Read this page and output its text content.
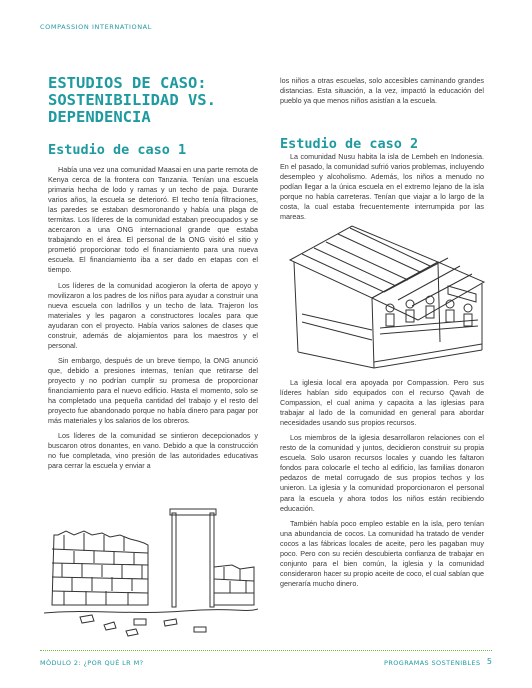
COMPASSION INTERNATIONAL
ESTUDIOS DE CASO: SOSTENIBILIDAD VS. DEPENDENCIA
Estudio de caso 1

Había una vez una comunidad Maasai en una parte remota de Kenya cerca de la frontera con Tanzania. Tenían una escuela primaria hecha de lodo y ramas y un techo de paja. Durante varios años, la escuela se deterioró. El techo tenía filtraciones, las paredes se estaban desmoronando y había una plaga de termitas. Los líderes de la comunidad estaban preocupados y se acercaron a una ONG internacional grande que estaba trabajando en el área. El personal de la ONG visitó el sitio y prometió proporcionar todo el financiamiento para una nueva escuela. El financiamiento iba a ser dado en etapas con el tiempo.

Los líderes de la comunidad acogieron la oferta de apoyo y movilizaron a los padres de los niños para ayudar a construir una nueva escuela con ladrillos y un techo de lata. Trajeron los materiales y les pagaron a constructores locales para que ayudaran con el proyecto. Había varios salones de clases que construir, además de alojamientos para los maestros y el personal.

Sin embargo, después de un breve tiempo, la ONG anunció que, debido a presiones internas, tenían que retirarse del proyecto y no podrían cumplir su promesa de proporcionar financiamiento para el nuevo edificio. Hasta el momento, solo se ha completado una pequeña cantidad del trabajo y el resto del proyecto fue abandonado porque no había dinero para pagar por más materiales y los salarios de los obreros.

Los líderes de la comunidad se sintieron decepcionados y buscaron otros donantes, en vano. Debido a que la construcción no fue completada, vino presión de las autoridades educativas para cerrar la escuela y enviar a

los niños a otras escuelas, solo accesibles caminando grandes distancias. Esta situación, a la vez, impactó la educación del pueblo ya que menos niños asistían a la escuela.

Estudio de caso 2

La comunidad Nusu habita la isla de Lembeh en Indonesia. En el pasado, la comunidad sufrió varios problemas, incluyendo desempleo y alcoholismo. Además, los niños a menudo no podían llegar a la única escuela en el extremo lejano de la isla porque no había carreteras. Tenían que viajar a lo largo de la costa, la cual estaba frecuentemente interrumpida por las mareas.

La iglesia local era apoyada por Compassion. Pero sus líderes habían sido equipados con el recurso Qavah de Compassion, el cual anima y capacita a las iglesias para trabajar al lado de la comunidad en general para abordar necesidades usando sus propios recursos.

Los miembros de la iglesia desarrollaron relaciones con el resto de la comunidad y juntos, decidieron construir su propia escuela. Solo usaron recursos locales y cuando les faltaron fondos para colocarle el techo al edificio, las familias donaron pedazos de metal corrugado de sus propios techos y los unieron. La iglesia y la comunidad proporcionaron el personal para la escuela y ahora todos los niños están recibiendo educación.

También había poco empleo estable en la isla, pero tenían una abundancia de cocos. La comunidad ha tratado de vender cocos a las fábricas locales de aceite, pero les pagaban muy poco. Pero con su recién descubierta confianza de trabajar en conjunto para el bien común, la iglesia y la comunidad consideraron hacer su propio aceite de coco, el cual sabían que generaría mucho dinero.

MÓDULO 2: ¿POR QUÉ LR M?	PROGRAMAS SOSTENIBLES 5
